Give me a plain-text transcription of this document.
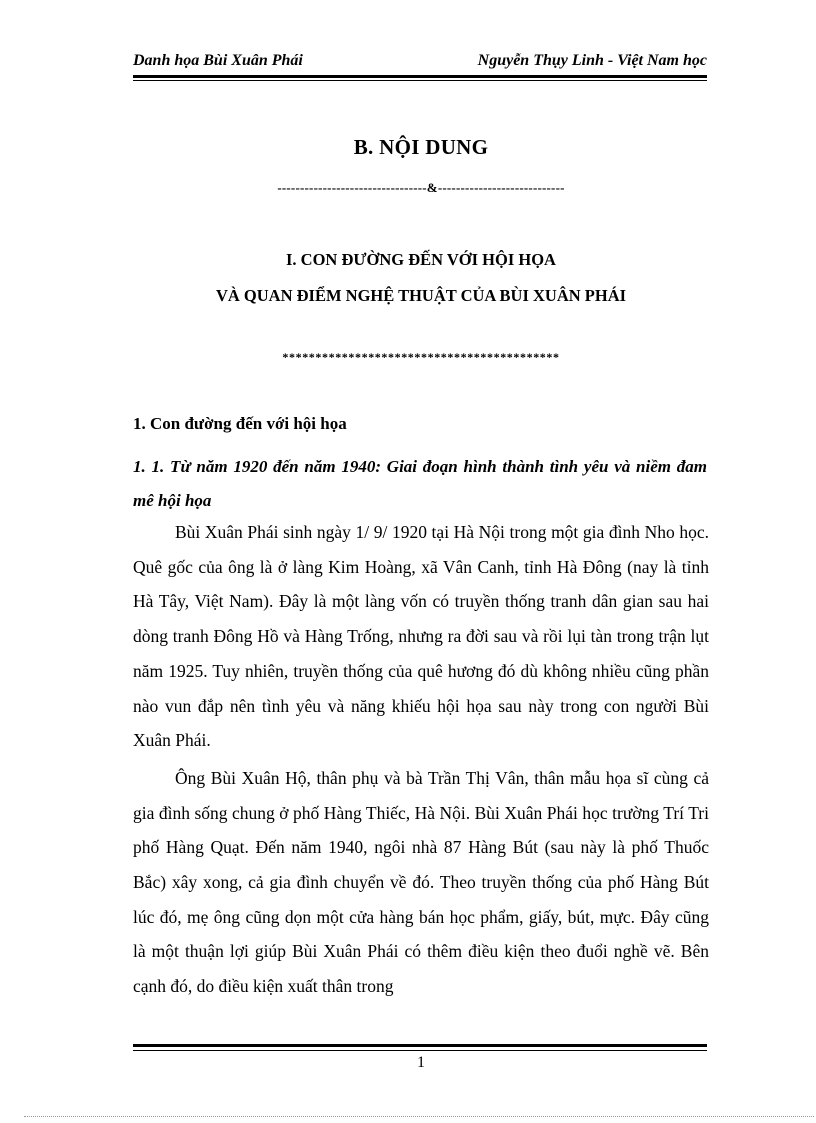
Danh họa Bùi Xuân Phái	Nguyễn Thụy Linh - Việt Nam học
B. NỘI DUNG
---------------------------------&----------------------------
I. CON ĐƯỜNG ĐẾN VỚI HỘI HỌA
VÀ QUAN ĐIỂM NGHỆ THUẬT CỦA BÙI XUÂN PHÁI
******************************************
1. Con đường đến với hội họa
1. 1. Từ năm 1920 đến năm 1940: Giai đoạn hình thành tình yêu và niềm đam mê hội họa

Bùi Xuân Phái sinh ngày 1/ 9/ 1920 tại Hà Nội trong một gia đình Nho học. Quê gốc của ông là ở làng Kim Hoàng, xã Vân Canh, tỉnh Hà Đông (nay là tỉnh Hà Tây, Việt Nam). Đây là một làng vốn có truyền thống tranh dân gian sau hai dòng tranh Đông Hồ và Hàng Trống, nhưng ra đời sau và rồi lụi tàn trong trận lụt năm 1925. Tuy nhiên, truyền thống của quê hương đó dù không nhiều cũng phần nào vun đắp nên tình yêu và năng khiếu hội họa sau này trong con người Bùi Xuân Phái.

Ông Bùi Xuân Hộ, thân phụ và bà Trần Thị Vân, thân mẫu họa sĩ cùng cả gia đình sống chung ở phố Hàng Thiếc, Hà Nội. Bùi Xuân Phái học trường Trí Tri phố Hàng Quạt. Đến năm 1940, ngôi nhà 87 Hàng Bút (sau này là phố Thuốc Bắc) xây xong, cả gia đình chuyển về đó. Theo truyền thống của phố Hàng Bút lúc đó, mẹ ông cũng dọn một cửa hàng bán học phẩm, giấy, bút, mực. Đây cũng là một thuận lợi giúp Bùi Xuân Phái có thêm điều kiện theo đuổi nghề vẽ. Bên cạnh đó, do điều kiện xuất thân trong

1
